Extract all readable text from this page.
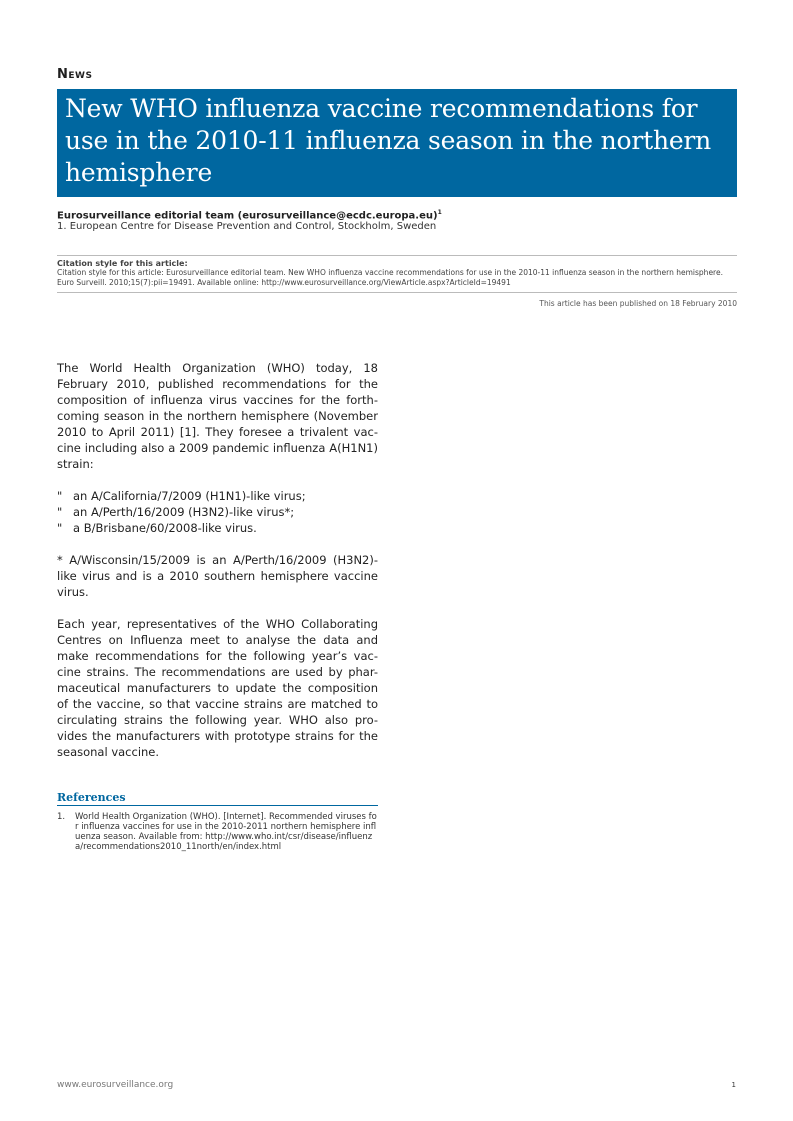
News
New WHO influenza vaccine recommendations for use in the 2010-11 influenza season in the northern hemisphere
Eurosurveillance editorial team (eurosurveillance@ecdc.europa.eu)$^1$
1. European Centre for Disease Prevention and Control, Stockholm, Sweden
Citation style for this article:
Citation style for this article: Eurosurveillance editorial team. New WHO influenza vaccine recommendations for use in the 2010-11 influenza season in the northern hemisphere. Euro Surveill. 2010;15(7):pii=19491. Available online: http://www.eurosurveillance.org/ViewArticle.aspx?ArticleId=19491
This article has been published on 18 February 2010

The World Health Organization (WHO) today, 18 February 2010, published recommendations for the composition of influenza virus vaccines for the forth-coming season in the northern hemisphere (November 2010 to April 2011) [1]. They foresee a trivalent vac-cine including also a 2009 pandemic influenza A(H1N1) strain:

" an A/California/7/2009 (H1N1)-like virus;
" an A/Perth/16/2009 (H3N2)-like virus*;
" a B/Brisbane/60/2008-like virus.

* A/Wisconsin/15/2009 is an A/Perth/16/2009 (H3N2)-like virus and is a 2010 southern hemisphere vaccine virus.

Each year, representatives of the WHO Collaborating Centres on Influenza meet to analyse the data and make recommendations for the following year’s vac-cine strains. The recommendations are used by phar-maceutical manufacturers to update the composition of the vaccine, so that vaccine strains are matched to circulating strains the following year. WHO also pro-vides the manufacturers with prototype strains for the seasonal vaccine.

References
1.	World Health Organization (WHO). [Internet]. Recommended viruses for influenza vaccines for use in the 2010-2011 northern hemisphere influenza season. Available from: http://www.who.int/csr/disease/influenza/recommendations2010_11north/en/index.html
www.eurosurveillance.org	1
